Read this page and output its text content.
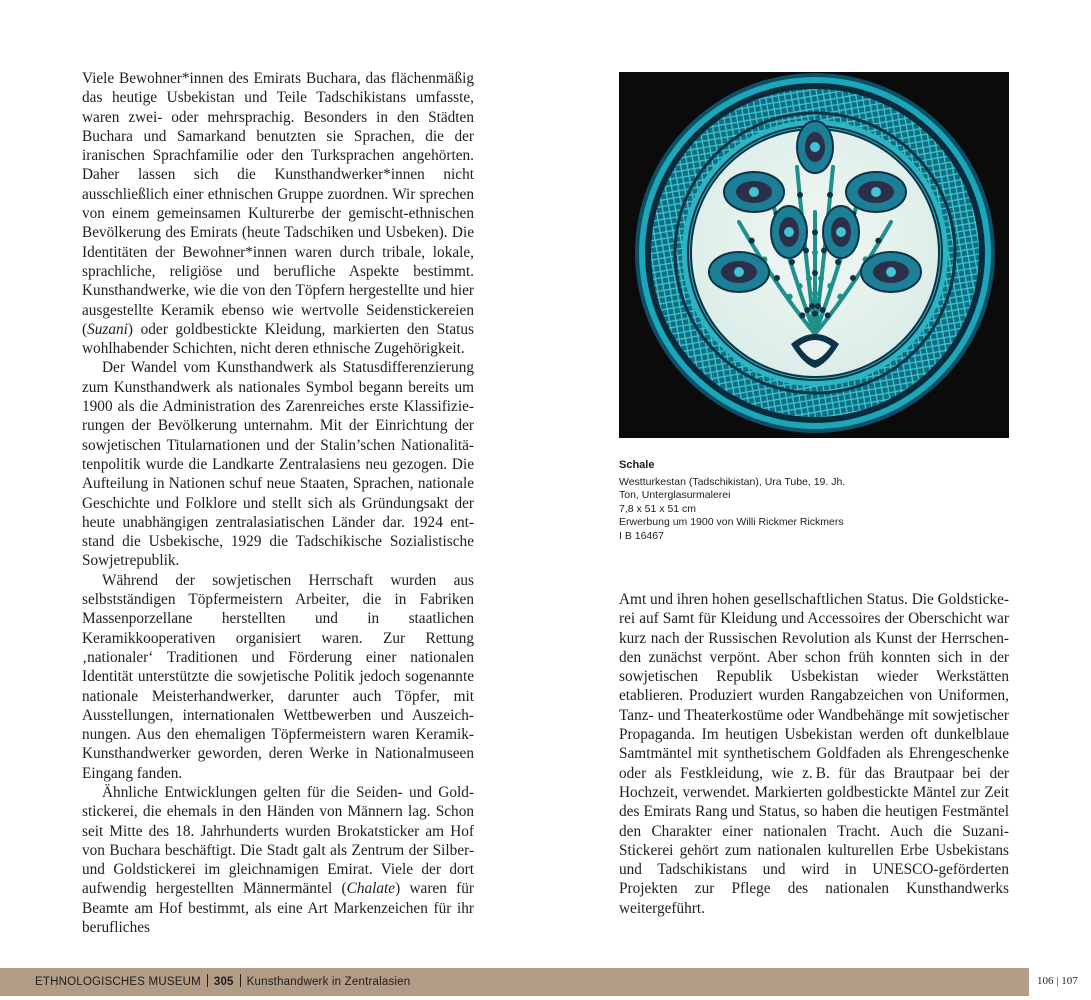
Viele Bewohner*innen des Emirats Buchara, das flächenmäßig das heutige Usbekistan und Teile Tadschikistans umfasste, waren zwei- oder mehrsprachig. Besonders in den Städten Buchara und Samarkand benutzten sie Sprachen, die der iranischen Sprachfamilie oder den Turksprachen angehörten. Daher lassen sich die Kunsthandwerker*innen nicht ausschließlich einer ethnischen Gruppe zuordnen. Wir sprechen von einem gemeinsamen Kulturerbe der gemischt-ethnischen Bevölkerung des Emirats (heute Tadschiken und Usbeken). Die Identitäten der Bewohner*innen waren durch tribale, lokale, sprachliche, religiöse und berufliche Aspekte bestimmt. Kunsthandwerke, wie die von den Töpfern hergestellte und hier ausgestellte Keramik ebenso wie wertvolle Seidenstickereien (Suzani) oder goldbestickte Kleidung, markierten den Status wohlhabender Schichten, nicht deren ethnische Zugehörigkeit.

Der Wandel vom Kunsthandwerk als Statusdifferenzierung zum Kunsthandwerk als nationales Symbol begann bereits um 1900 als die Administration des Zarenreiches erste Klassifizierungen der Bevölkerung unternahm. Mit der Einrichtung der sowjetischen Titularnationen und der Stalin’schen Nationalitätenpolitik wurde die Landkarte Zentralasiens neu gezogen. Die Aufteilung in Nationen schuf neue Staaten, Sprachen, nationale Geschichte und Folklore und stellt sich als Gründungsakt der heute unabhängigen zentralasiatischen Länder dar. 1924 entstand die Usbekische, 1929 die Tadschikische Sozialistische Sowjetrepublik.

Während der sowjetischen Herrschaft wurden aus selbstständigen Töpfermeistern Arbeiter, die in Fabriken Massenporzellane herstellten und in staatlichen Keramikkooperativen organisiert waren. Zur Rettung ‚nationaler‘ Traditionen und Förderung einer nationalen Identität unterstützte die sowjetische Politik jedoch sogenannte nationale Meisterhandwerker, darunter auch Töpfer, mit Ausstellungen, internationalen Wettbewerben und Auszeichnungen. Aus den ehemaligen Töpfermeistern waren Keramik-Kunsthandwerker geworden, deren Werke in Nationalmuseen Eingang fanden.

Ähnliche Entwicklungen gelten für die Seiden- und Goldstickerei, die ehemals in den Händen von Männern lag. Schon seit Mitte des 18. Jahrhunderts wurden Brokatsticker am Hof von Buchara beschäftigt. Die Stadt galt als Zentrum der Silber- und Goldstickerei im gleichnamigen Emirat. Viele der dort aufwendig hergestellten Männermäntel (Chalate) waren für Beamte am Hof bestimmt, als eine Art Markenzeichen für ihr berufliches

Schale
Westturkestan (Tadschikistan), Ura Tube, 19. Jh.
Ton, Unterglasurmalerei
7,8 x 51 x 51 cm
Erwerbung um 1900 von Willi Rickmer Rickmers
I B 16467

Amt und ihren hohen gesellschaftlichen Status. Die Goldstickerei auf Samt für Kleidung und Accessoires der Oberschicht war kurz nach der Russischen Revolution als Kunst der Herrschenden zunächst verpönt. Aber schon früh konnten sich in der sowjetischen Republik Usbekistan wieder Werkstätten etablieren. Produziert wurden Rangabzeichen von Uniformen, Tanz- und Theaterkostüme oder Wandbehänge mit sowjetischer Propaganda. Im heutigen Usbekistan werden oft dunkelblaue Samtmäntel mit synthetischem Goldfaden als Ehrengeschenke oder als Festkleidung, wie z. B. für das Brautpaar bei der Hochzeit, verwendet. Markierten goldbestickte Mäntel zur Zeit des Emirats Rang und Status, so haben die heutigen Festmäntel den Charakter einer nationalen Tracht. Auch die Suzani-Stickerei gehört zum nationalen kulturellen Erbe Usbekistans und Tadschikistans und wird in UNESCO-geförderten Projekten zur Pflege des nationalen Kunsthandwerks weitergeführt.

ETHNOLOGISCHES MUSEUM 305 Kunsthandwerk in Zentralasien	106 | 107
